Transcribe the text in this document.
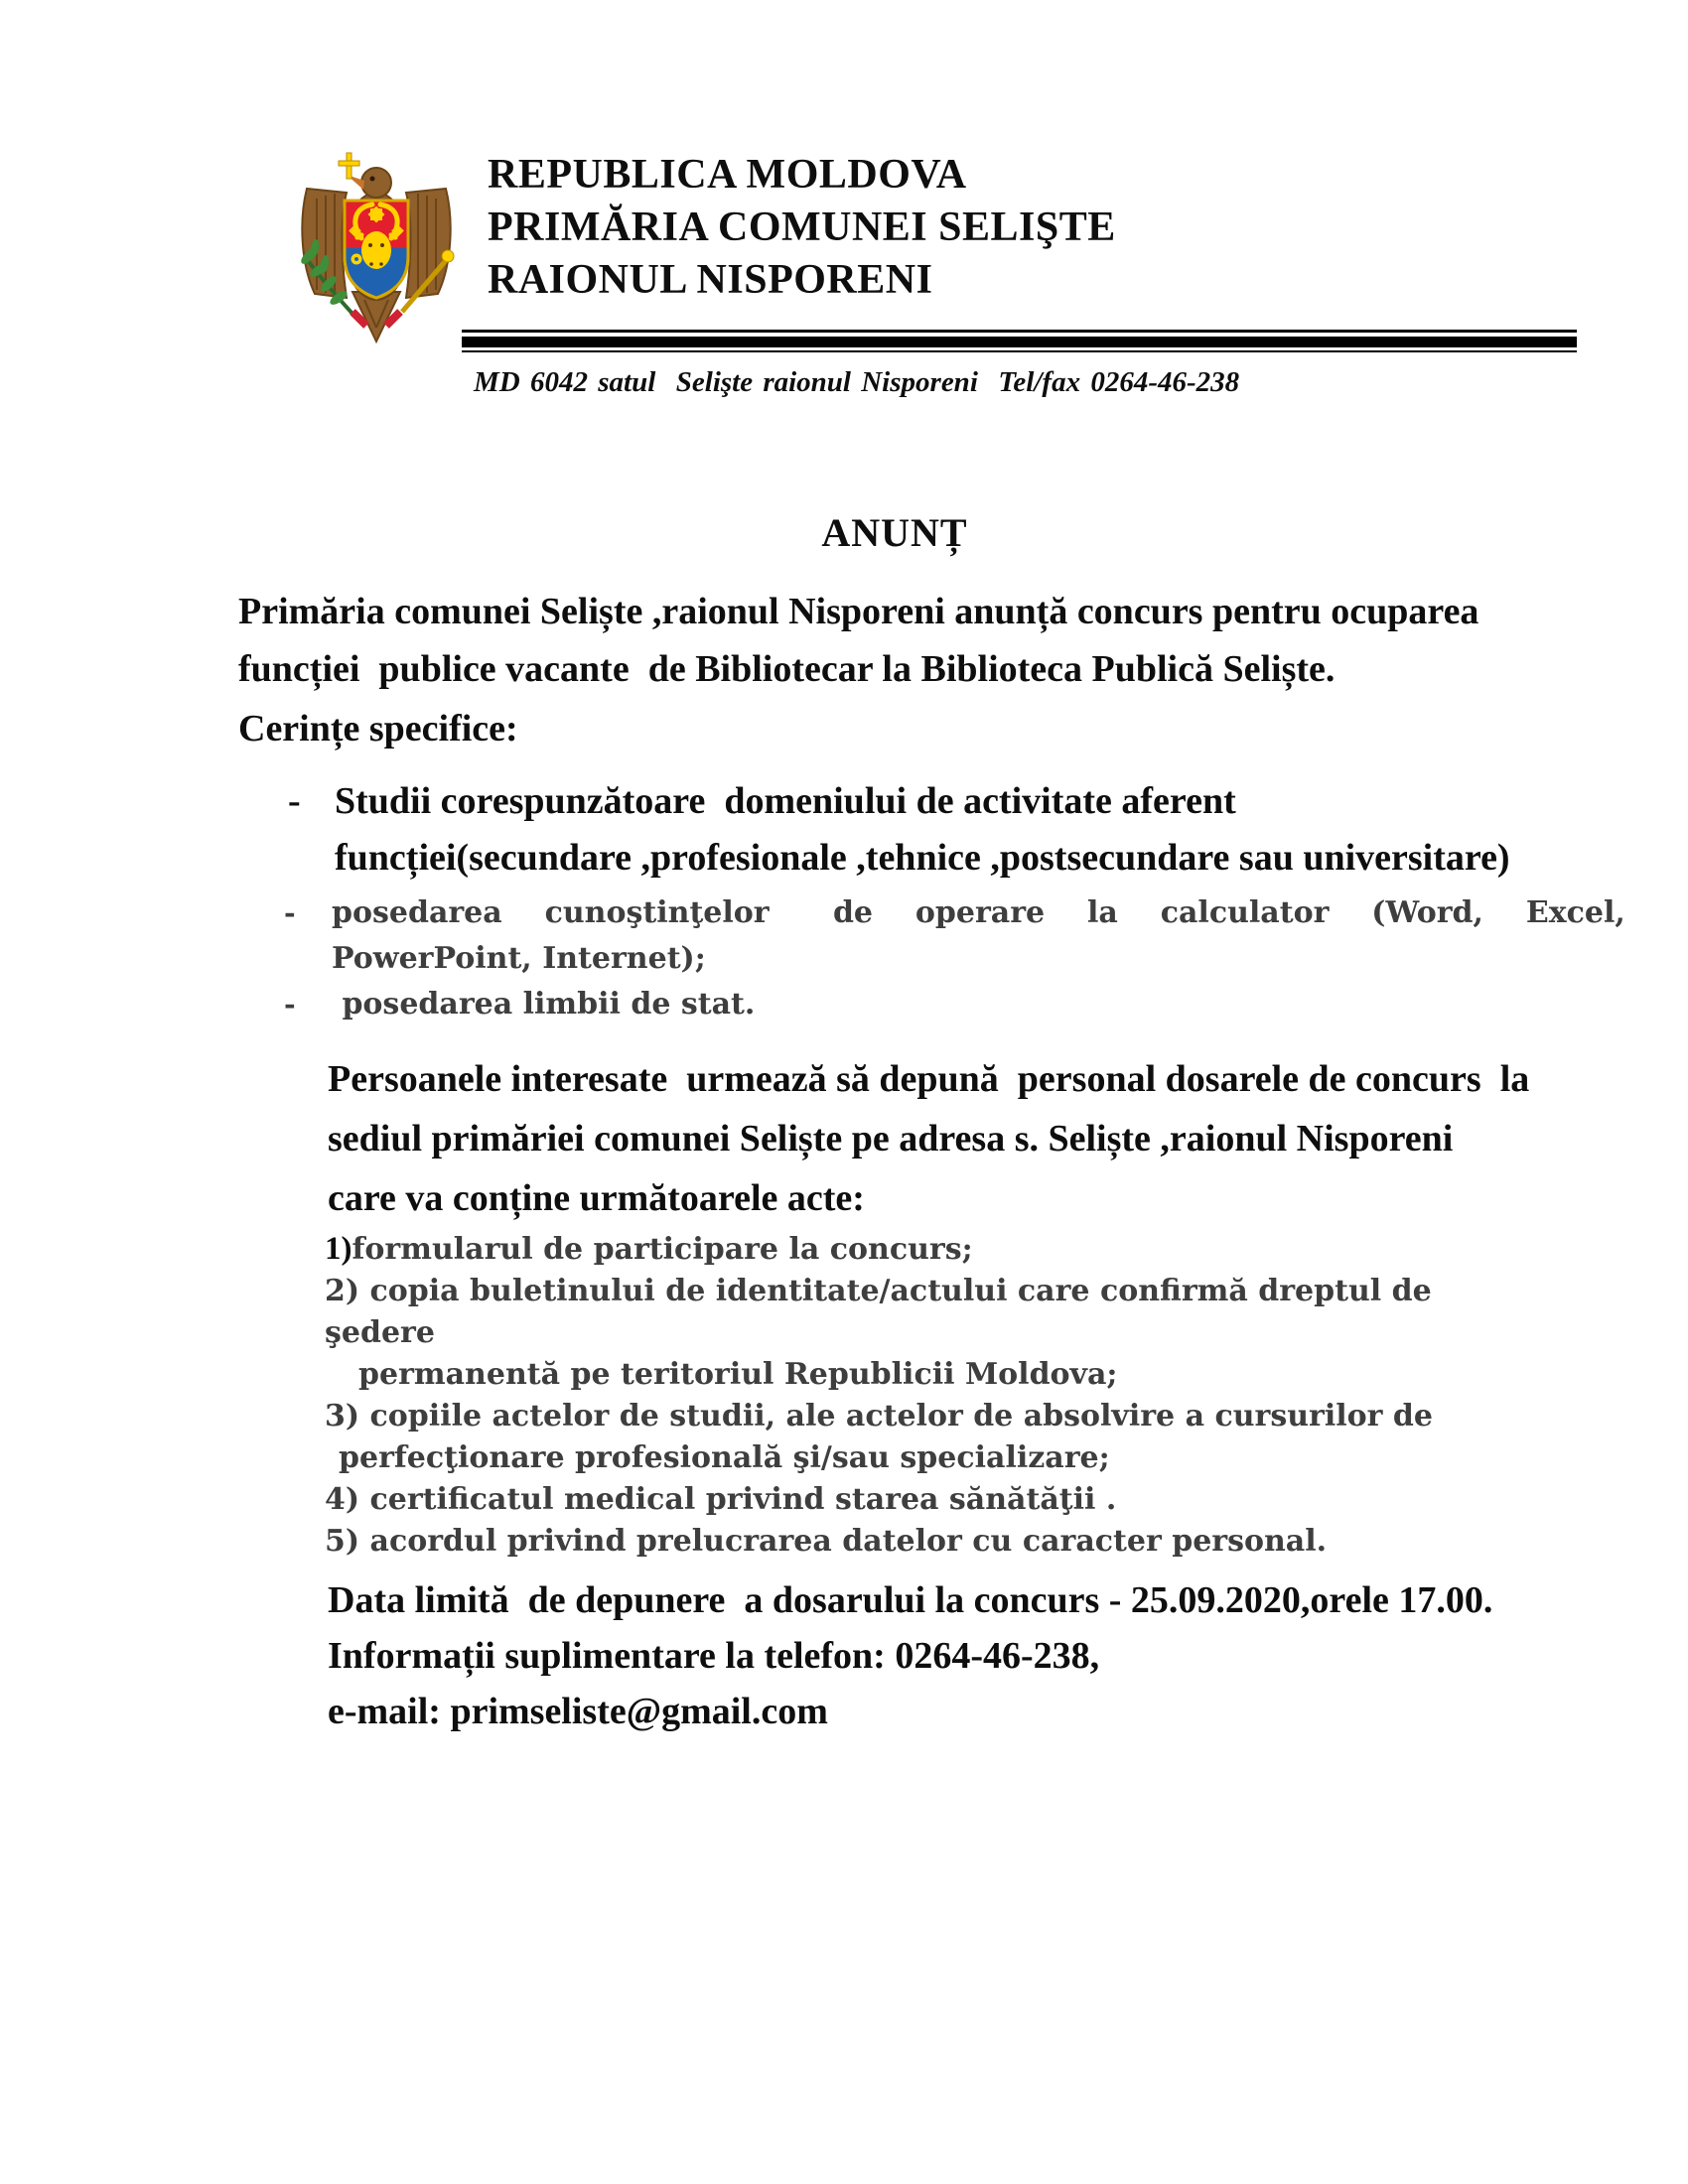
REPUBLICA MOLDOVA
PRIMĂRIA COMUNEI SELIŞTE
RAIONUL NISPORENI
MD 6042 satul  Selişte raionul Nisporeni  Tel/fax 0264-46-238
ANUNȚ
Primăria comunei Seliște ,raionul Nisporeni anunță concurs pentru ocuparea
funcției  publice vacante  de Bibliotecar la Biblioteca Publică Seliște.
Cerințe specifice:
- Studii corespunzătoare  domeniului de activitate aferent
funcției(secundare ,profesionale ,tehnice ,postsecundare sau universitare)
-	posedarea  cunoştinţelor   de  operare  la  calculator  (Word,  Excel,
PowerPoint, Internet);
-	posedarea limbii de stat.
Persoanele interesate  urmează să depună  personal dosarele de concurs  la
sediul primăriei comunei Seliște pe adresa s. Seliște ,raionul Nisporeni
care va conține următoarele acte:
1)formularul de participare la concurs;
2) copia buletinului de identitate/actului care confirmă dreptul de şedere
permanentă pe teritoriul Republicii Moldova;
3) copiile actelor de studii, ale actelor de absolvire a cursurilor de
perfecţionare profesională şi/sau specializare;
4) certificatul medical privind starea sănătăţii .
5) acordul privind prelucrarea datelor cu caracter personal.
Data limită  de depunere  a dosarului la concurs - 25.09.2020,orele 17.00.
Informații suplimentare la telefon: 0264-46-238,
e-mail: primseliste@gmail.com
